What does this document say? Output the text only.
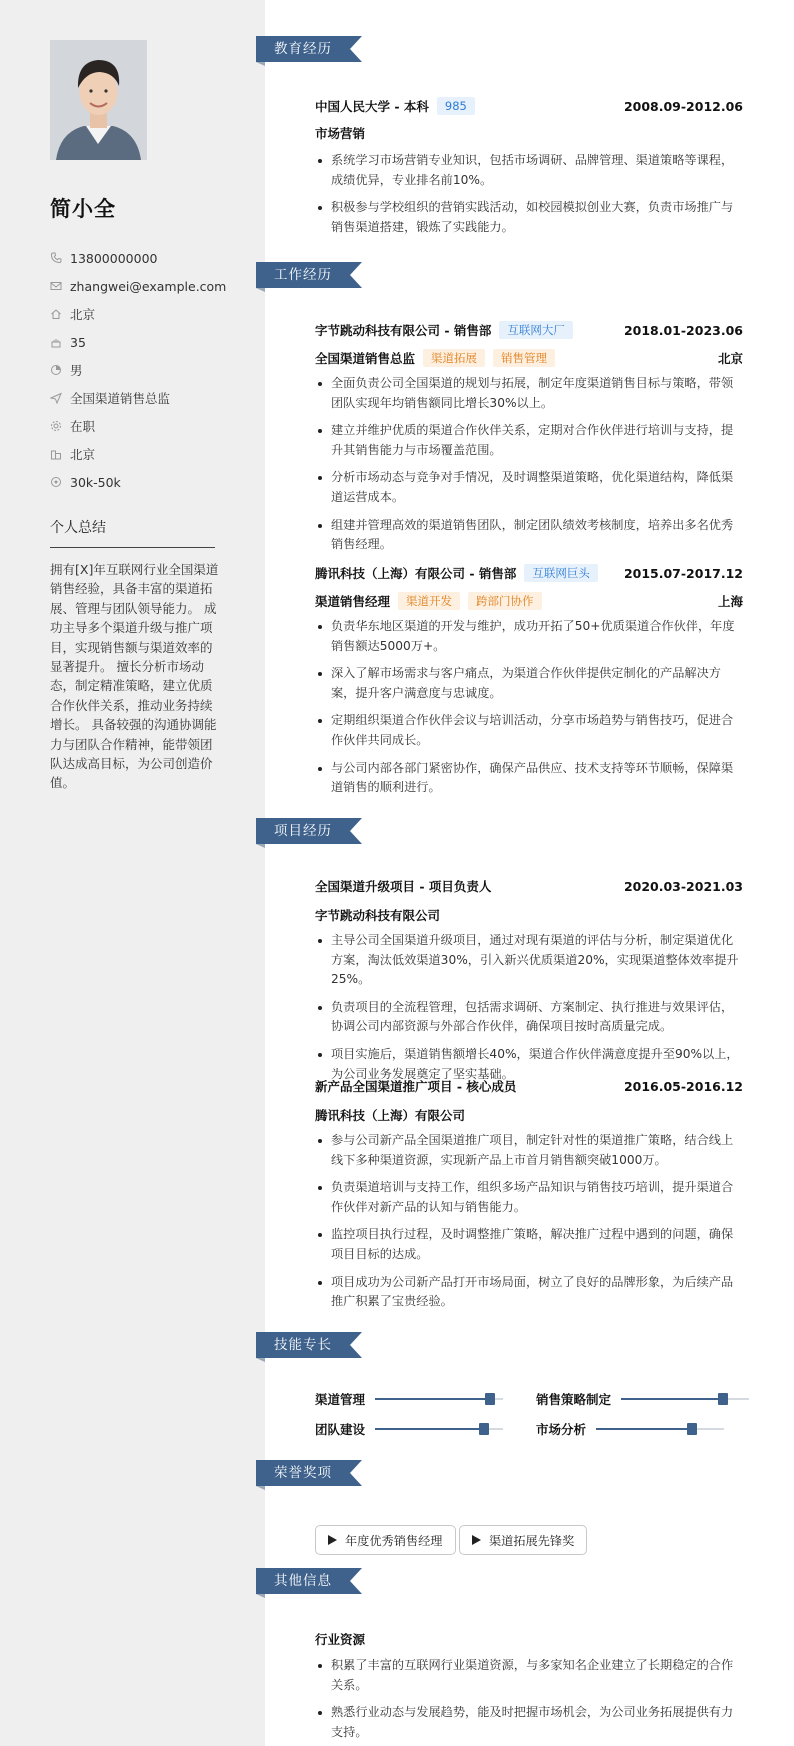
简小全
13800000000
zhangwei@example.com
北京
35
男
全国渠道销售总监
在职
北京
30k-50k
个人总结
拥有[X]年互联网行业全国渠道销售经验，具备丰富的渠道拓展、管理与团队领导能力。 成功主导多个渠道升级与推广项目，实现销售额与渠道效率的显著提升。 擅长分析市场动态，制定精准策略，建立优质合作伙伴关系，推动业务持续增长。 具备较强的沟通协调能力与团队合作精神，能带领团队达成高目标，为公司创造价值。
教育经历
中国人民大学 - 本科	985	2008.09-2012.06
市场营销
系统学习市场营销专业知识，包括市场调研、品牌管理、渠道策略等课程，成绩优异，专业排名前10%。
积极参与学校组织的营销实践活动，如校园模拟创业大赛，负责市场推广与销售渠道搭建，锻炼了实践能力。
工作经历
字节跳动科技有限公司 - 销售部	互联网大厂	2018.01-2023.06
全国渠道销售总监	渠道拓展	销售管理	北京
全面负责公司全国渠道的规划与拓展，制定年度渠道销售目标与策略，带领团队实现年均销售额同比增长30%以上。
建立并维护优质的渠道合作伙伴关系，定期对合作伙伴进行培训与支持，提升其销售能力与市场覆盖范围。
分析市场动态与竞争对手情况，及时调整渠道策略，优化渠道结构，降低渠道运营成本。
组建并管理高效的渠道销售团队，制定团队绩效考核制度，培养出多名优秀销售经理。
腾讯科技（上海）有限公司 - 销售部	互联网巨头	2015.07-2017.12
渠道销售经理	渠道开发	跨部门协作	上海
负责华东地区渠道的开发与维护，成功开拓了50+优质渠道合作伙伴，年度销售额达5000万+。
深入了解市场需求与客户痛点，为渠道合作伙伴提供定制化的产品解决方案，提升客户满意度与忠诚度。
定期组织渠道合作伙伴会议与培训活动，分享市场趋势与销售技巧，促进合作伙伴共同成长。
与公司内部各部门紧密协作，确保产品供应、技术支持等环节顺畅，保障渠道销售的顺利进行。
项目经历
全国渠道升级项目 - 项目负责人	2020.03-2021.03
字节跳动科技有限公司
主导公司全国渠道升级项目，通过对现有渠道的评估与分析，制定渠道优化方案，淘汰低效渠道30%，引入新兴优质渠道20%，实现渠道整体效率提升25%。
负责项目的全流程管理，包括需求调研、方案制定、执行推进与效果评估，协调公司内部资源与外部合作伙伴，确保项目按时高质量完成。
项目实施后，渠道销售额增长40%，渠道合作伙伴满意度提升至90%以上，为公司业务发展奠定了坚实基础。
新产品全国渠道推广项目 - 核心成员	2016.05-2016.12
腾讯科技（上海）有限公司
参与公司新产品全国渠道推广项目，制定针对性的渠道推广策略，结合线上线下多种渠道资源，实现新产品上市首月销售额突破1000万。
负责渠道培训与支持工作，组织多场产品知识与销售技巧培训，提升渠道合作伙伴对新产品的认知与销售能力。
监控项目执行过程，及时调整推广策略，解决推广过程中遇到的问题，确保项目目标的达成。
项目成功为公司新产品打开市场局面，树立了良好的品牌形象，为后续产品推广积累了宝贵经验。
技能专长
渠道管理	销售策略制定
团队建设	市场分析
荣誉奖项
年度优秀销售经理	渠道拓展先锋奖
其他信息
行业资源
积累了丰富的互联网行业渠道资源，与多家知名企业建立了长期稳定的合作关系。
熟悉行业动态与发展趋势，能及时把握市场机会，为公司业务拓展提供有力支持。
